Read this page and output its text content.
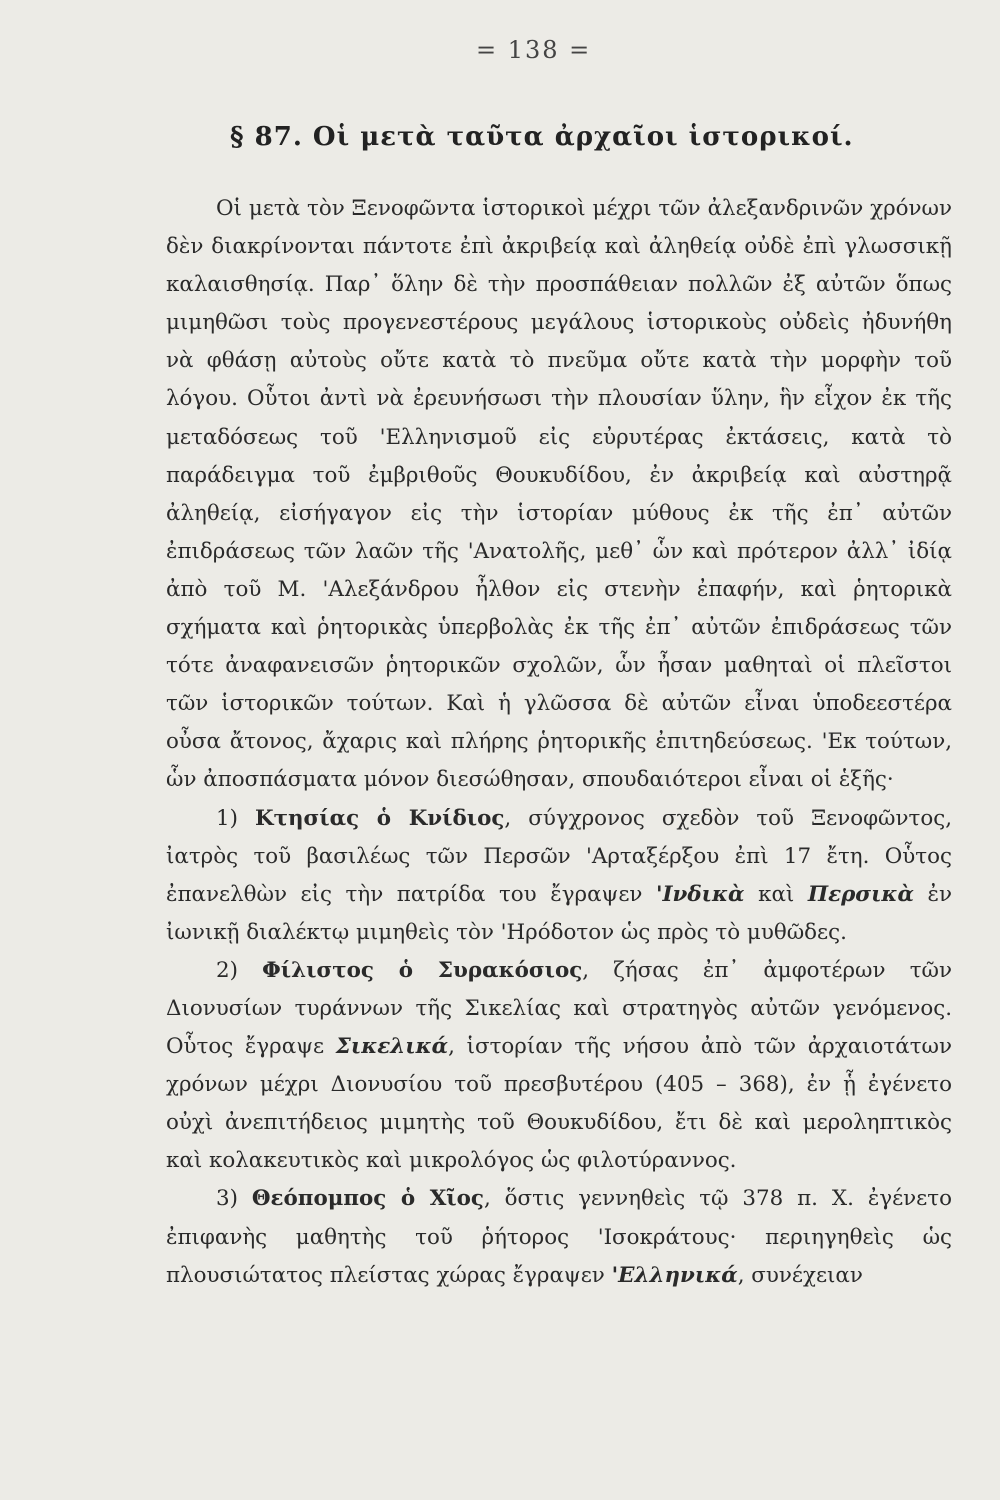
= 138 =
§ 87. Οἱ μετὰ ταῦτα ἀρχαῖοι ἱστορικοί.

Οἱ μετὰ τὸν Ξενοφῶντα ἱστορικοὶ μέχρι τῶν ἀλεξανδρινῶν χρόνων δὲν διακρίνονται πάντοτε ἐπὶ ἀκριβείᾳ καὶ ἀληθείᾳ οὐδὲ ἐπὶ γλωσσικῇ καλαισθησίᾳ. Παρ᾽ ὅλην δὲ τὴν προσπάθειαν πολλῶν ἐξ αὐτῶν ὅπως μιμηθῶσι τοὺς προγενεστέρους μεγάλους ἱστορικοὺς οὐδεὶς ἠδυνήθη νὰ φθάσῃ αὐτοὺς οὔτε κατὰ τὸ πνεῦμα οὔτε κατὰ τὴν μορφὴν τοῦ λόγου. Οὗτοι ἀντὶ νὰ ἐρευνήσωσι τὴν πλουσίαν ὕλην, ἣν εἶχον ἐκ τῆς μεταδόσεως τοῦ 'Ελληνισμοῦ εἰς εὐρυτέρας ἐκτάσεις, κατὰ τὸ παράδειγμα τοῦ ἐμβριθοῦς Θουκυδίδου, ἐν ἀκριβείᾳ καὶ αὐστηρᾷ ἀληθείᾳ, εἰσήγαγον εἰς τὴν ἱστορίαν μύθους ἐκ τῆς ἐπ᾽ αὐτῶν ἐπιδράσεως τῶν λαῶν τῆς 'Ανατολῆς, μεθ᾽ ὧν καὶ πρότερον ἀλλ᾽ ἰδίᾳ ἀπὸ τοῦ Μ. 'Αλεξάνδρου ἦλθον εἰς στενὴν ἐπαφήν, καὶ ῥητορικὰ σχήματα καὶ ῥητορικὰς ὑπερβολὰς ἐκ τῆς ἐπ᾽ αὐτῶν ἐπιδράσεως τῶν τότε ἀναφανεισῶν ῥητορικῶν σχολῶν, ὧν ἦσαν μαθηταὶ οἱ πλεῖστοι τῶν ἱστορικῶν τούτων. Καὶ ἡ γλῶσσα δὲ αὐτῶν εἶναι ὑποδεεστέρα οὖσα ἄτονος, ἄχαρις καὶ πλήρης ῥητορικῆς ἐπιτηδεύσεως. 'Εκ τούτων, ὧν ἀποσπάσματα μόνον διεσώθησαν, σπουδαιότεροι εἶναι οἱ ἑξῆς·

1) Κτησίας ὁ Κνίδιος, σύγχρονος σχεδὸν τοῦ Ξενοφῶντος, ἰατρὸς τοῦ βασιλέως τῶν Περσῶν 'Αρταξέρξου ἐπὶ 17 ἔτη. Οὗτος ἐπανελθὼν εἰς τὴν πατρίδα του ἔγραψεν 'Ινδικὰ καὶ Περσικὰ ἐν ἰωνικῇ διαλέκτῳ μιμηθεὶς τὸν 'Ηρόδοτον ὡς πρὸς τὸ μυθῶδες.

2) Φίλιστος ὁ Συρακόσιος, ζήσας ἐπ᾽ ἀμφοτέρων τῶν Διονυσίων τυράννων τῆς Σικελίας καὶ στρατηγὸς αὐτῶν γενόμενος. Οὗτος ἔγραψε Σικελικά, ἱστορίαν τῆς νήσου ἀπὸ τῶν ἀρχαιοτάτων χρόνων μέχρι Διονυσίου τοῦ πρεσβυτέρου (405 – 368), ἐν ᾗ ἐγένετο οὐχὶ ἀνεπιτήδειος μιμητὴς τοῦ Θουκυδίδου, ἔτι δὲ καὶ μεροληπτικὸς καὶ κολακευτικὸς καὶ μικρολόγος ὡς φιλοτύραννος.

3) Θεόπομπος ὁ Χῖος, ὅστις γεννηθεὶς τῷ 378 π. Χ. ἐγένετο ἐπιφανὴς μαθητὴς τοῦ ῥήτορος 'Ισοκράτους· περιηγηθεὶς ὡς πλουσιώτατος πλείστας χώρας ἔγραψεν 'Ελληνικά, συνέχειαν
